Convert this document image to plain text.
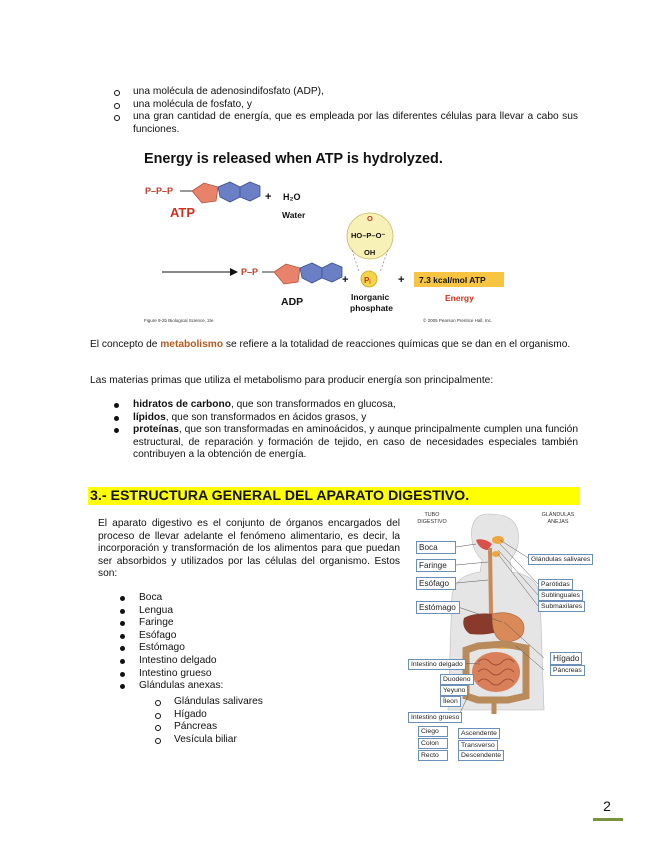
una molécula de adenosindifosfato (ADP),
una molécula de fosfato, y
una gran cantidad de energía, que es empleada por las diferentes células para llevar a cabo sus funciones.
Energy is released when ATP is hydrolyzed.
P–P–P
ATP
+ H₂O
Water	O
HO–P–O⁻
OH
P–P
ADP
+ Pᵢ
Inorganic
phosphate
+ 7.3 kcal/mol ATP
Energy
Figure 9-2b Biological Science, 2/e	© 2005 Pearson Prentice Hall, Inc.

El concepto de metabolismo se refiere a la totalidad de reacciones químicas que se dan en el organismo.

Las materias primas que utiliza el metabolismo para producir energía son principalmente:

hidratos de carbono, que son transformados en glucosa,
lípidos, que son transformados en ácidos grasos, y
proteínas, que son transformadas en aminoácidos, y aunque principalmente cumplen una función estructural, de reparación y formación de tejido, en caso de necesidades especiales también contribuyen a la obtención de energía.
3.- ESTRUCTURA GENERAL DEL APARATO DIGESTIVO.

El aparato digestivo es el conjunto de órganos encargados del proceso de llevar adelante el fenómeno alimentario, es decir, la incorporación y transformación de los alimentos para que puedan ser absorbidos y utilizados por las células del organismo. Estos son:

Boca
Lengua
Faringe
Esófago
Estómago
Intestino delgado
Intestino grueso
Glándulas anexas:
Glándulas salivares
Hígado
Páncreas
Vesícula biliar
TUBO DIGESTIVO
GLÁNDULAS ANEJAS
Boca
Faringe
Esófago
Estómago
Glándulas salivares
Parótidas
Sublinguales
Submaxilares
Hígado
Páncreas
Intestino delgado
Duodeno
Yeyuno
Íleon
Intestino grueso
Ciego
Colon
Recto
Ascendente
Transverso
Descendente
2
